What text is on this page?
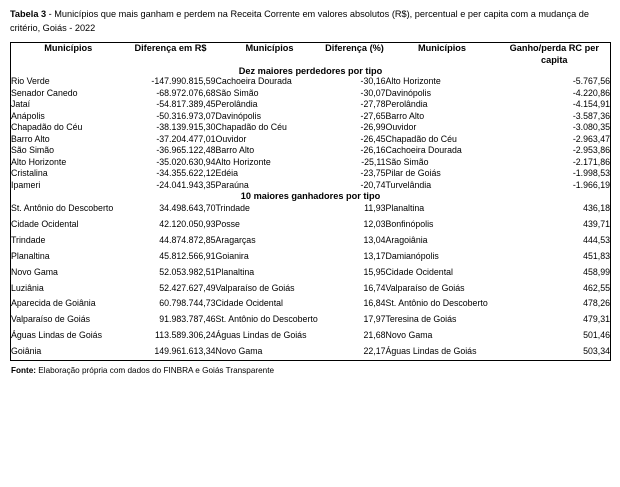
Tabela 3 - Municípios que mais ganham e perdem na Receita Corrente em valores absolutos (R$), percentual e per capita com a mudança de critério, Goiás - 2022

Municípios	Diferença em R$	Municípios	Diferença (%)	Municípios	Ganho/perda RC per capita
Dez maiores perdedores por tipo					
Rio Verde	-147.990.815,59	Cachoeira Dourada	-30,16	Alto Horizonte	-5.767,56
Senador Canedo	-68.972.076,68	São Simão	-30,07	Davinópolis	-4.220,86
Jataí	-54.817.389,45	Perolândia	-27,78	Perolândia	-4.154,91
Anápolis	-50.316.973,07	Davinópolis	-27,65	Barro Alto	-3.587,36
Chapadão do Céu	-38.139.915,30	Chapadão do Céu	-26,99	Ouvidor	-3.080,35
Barro Alto	-37.204.477,01	Ouvidor	-26,45	Chapadão do Céu	-2.963,47
São Simão	-36.965.122,48	Barro Alto	-26,16	Cachoeira Dourada	-2.953,86
Alto Horizonte	-35.020.630,94	Alto Horizonte	-25,11	São Simão	-2.171,86
Cristalina	-34.355.622,12	Edéia	-23,75	Pilar de Goiás	-1.998,53
Ipameri	-24.041.943,35	Paraúna	-20,74	Turvelândia	-1.966,19
10 maiores ganhadores por tipo					
St. Antônio do Descoberto	34.498.643,70	Trindade	11,93	Planaltina	436,18
Cidade Ocidental	42.120.050,93	Posse	12,03	Bonfinópolis	439,71
Trindade	44.874.872,85	Aragarças	13,04	Aragoiânia	444,53
Planaltina	45.812.566,91	Goianira	13,17	Damianópolis	451,83
Novo Gama	52.053.982,51	Planaltina	15,95	Cidade Ocidental	458,99
Luziânia	52.427.627,49	Valparaíso de Goiás	16,74	Valparaíso de Goiás	462,55
Aparecida de Goiânia	60.798.744,73	Cidade Ocidental	16,84	St. Antônio do Descoberto	478,26
Valparaíso de Goiás	91.983.787,46	St. Antônio do Descoberto	17,97	Teresina de Goiás	479,31
Águas Lindas de Goiás	113.589.306,24	Águas Lindas de Goiás	21,68	Novo Gama	501,46
Goiânia	149.961.613,34	Novo Gama	22,17	Águas Lindas de Goiás	503,34
Fonte: Elaboração própria com dados do FINBRA e Goiás Transparente
